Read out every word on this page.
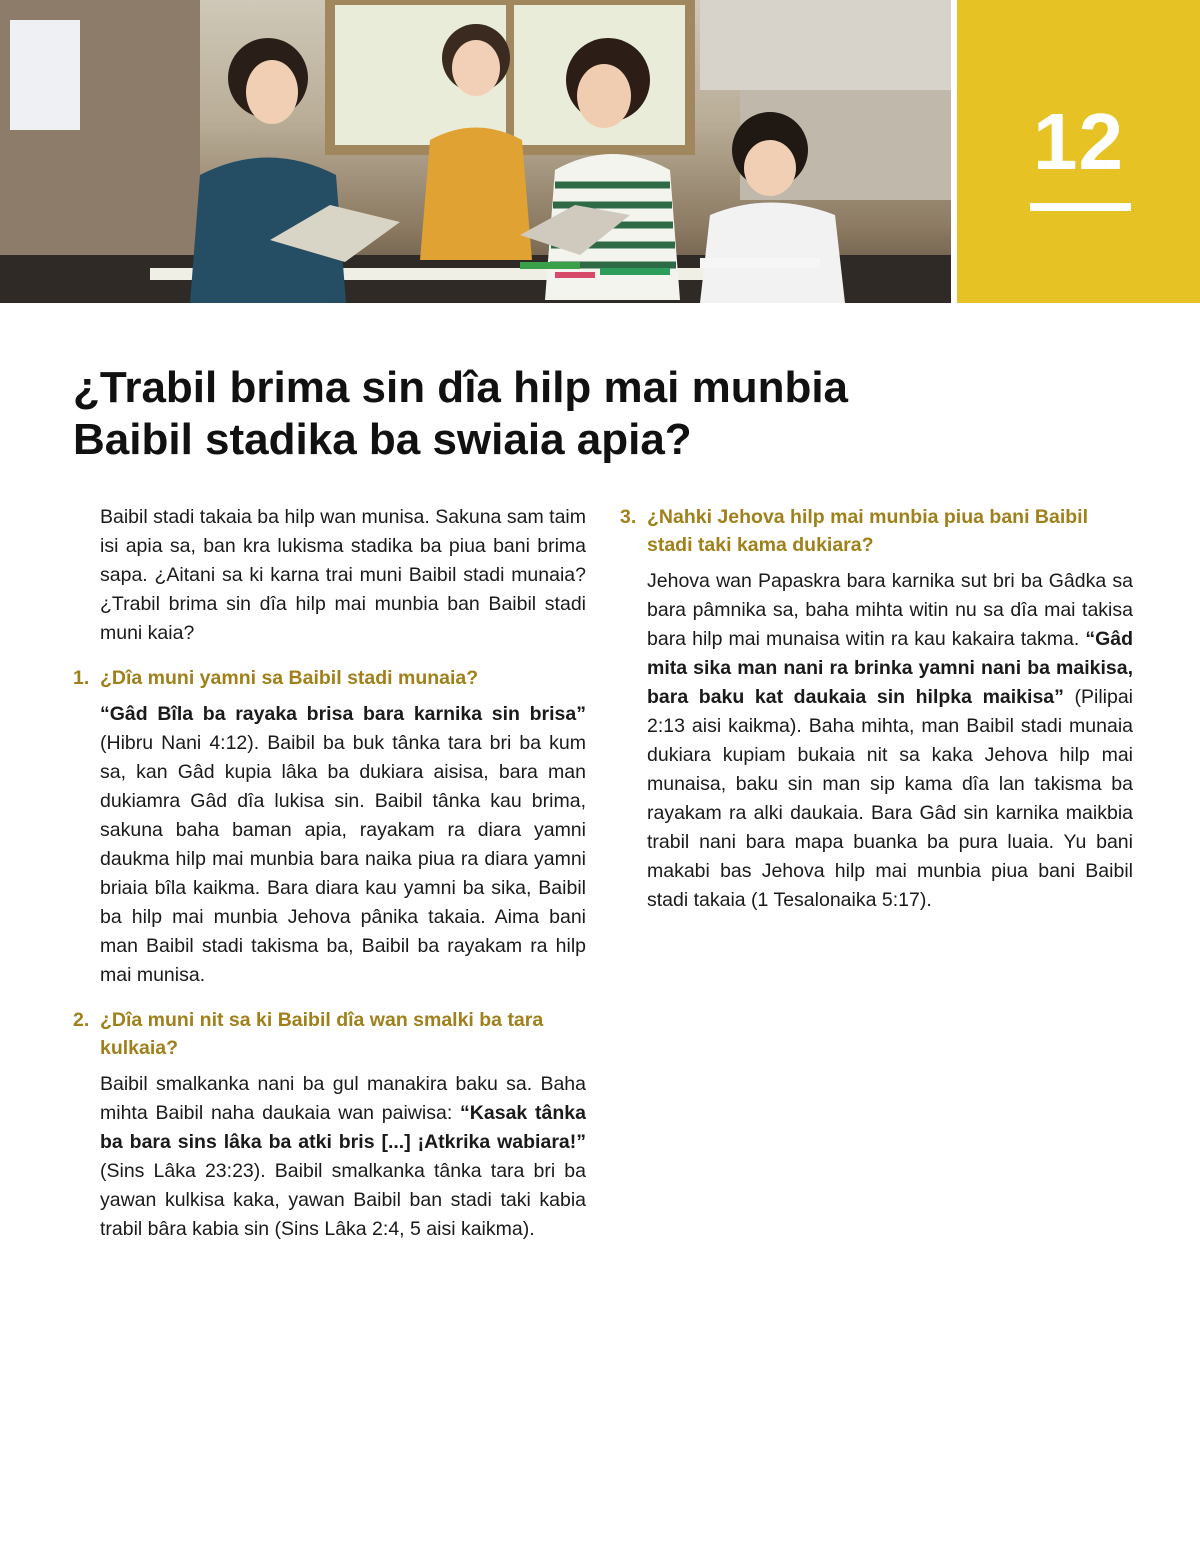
12
¿Trabil brima sin dîa hilp mai munbia
Baibil stadika ba swiaia apia?

Baibil stadi takaia ba hilp wan munisa. Sakuna sam taim isi apia sa, ban kra lukisma stadika ba piua bani brima sapa. ¿Aitani sa ki karna trai muni Baibil stadi munaia? ¿Trabil brima sin dîa hilp mai munbia ban Baibil stadi muni kaia?

1. ¿Dîa muni yamni sa Baibil stadi munaia?

“Gâd Bîla ba rayaka brisa bara karnika sin brisa” (Hibru Nani 4:12). Baibil ba buk tânka tara bri ba kum sa, kan Gâd kupia lâka ba dukiara aisisa, bara man dukiamra Gâd dîa lukisa sin. Baibil tânka kau brima, sakuna baha baman apia, rayakam ra diara yamni daukma hilp mai munbia bara naika piua ra diara yamni briaia bîla kaikma. Bara diara kau yamni ba sika, Baibil ba hilp mai munbia Jehova pânika takaia. Aima bani man Baibil stadi takisma ba, Baibil ba rayakam ra hilp mai munisa.

2. ¿Dîa muni nit sa ki Baibil dîa wan smalki ba tara kulkaia?

Baibil smalkanka nani ba gul manakira baku sa. Baha mihta Baibil naha daukaia wan paiwisa: “Kasak tânka ba bara sins lâka ba atki bris [...] ¡Atkrika wabiara!” (Sins Lâka 23:23). Baibil smalkanka tânka tara bri ba yawan kulkisa kaka, yawan Baibil ban stadi taki kabia trabil bâra kabia sin (Sins Lâka 2:4, 5 aisi kaikma).

3. ¿Nahki Jehova hilp mai munbia piua bani Baibil stadi taki kama dukiara?

Jehova wan Papaskra bara karnika sut bri ba Gâdka sa bara pâmnika sa, baha mihta witin nu sa dîa mai takisa bara hilp mai munaisa witin ra kau kakaira takma. “Gâd mita sika man nani ra brinka yamni nani ba maikisa, bara baku kat daukaia sin hilpka maikisa” (Pilipai 2:13 aisi kaikma). Baha mihta, man Baibil stadi munaia dukiara kupiam bukaia nit sa kaka Jehova hilp mai munaisa, baku sin man sip kama dîa lan takisma ba rayakam ra alki daukaia. Bara Gâd sin karnika maikbia trabil nani bara mapa buanka ba pura luaia. Yu bani makabi bas Jehova hilp mai munbia piua bani Baibil stadi takaia (1 Tesalonaika 5:17).
